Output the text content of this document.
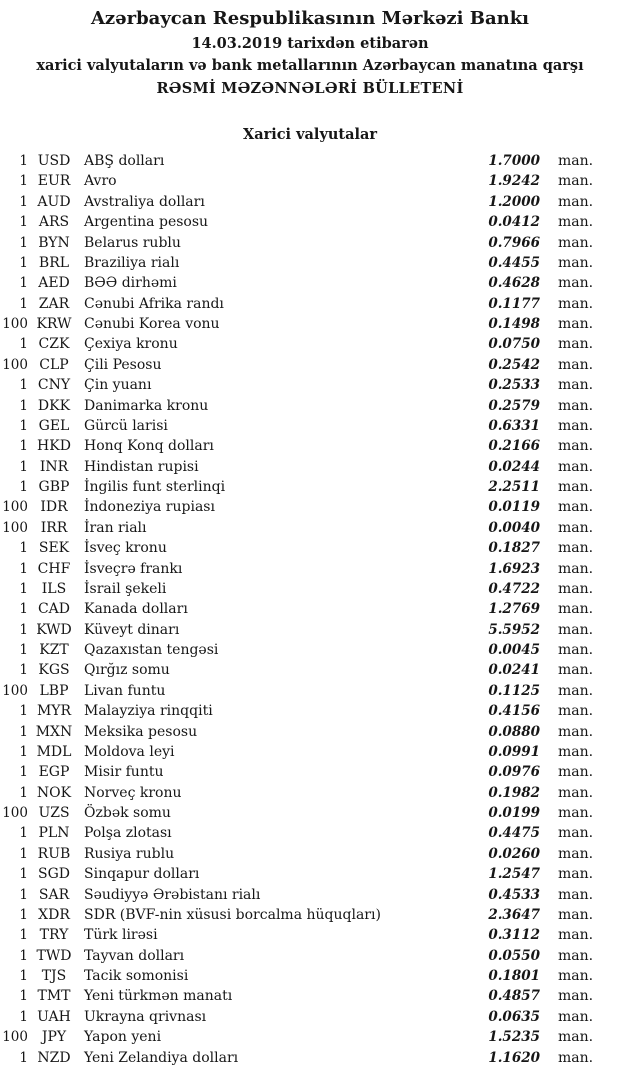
Azərbaycan Respublikasının Mərkəzi Bankı
14.03.2019 tarixdən etibarən
xarici valyutaların və bank metallarının Azərbaycan manatına qarşı
RƏSMİ MƏZƏNNƏLƏRİ BÜLLETENİ
Xarici valyutalar
1 USD ABŞ dolları	1.7000	man.
1 EUR Avro	1.9242	man.
1 AUD Avstraliya dolları	1.2000	man.
1 ARS	Argentina pesosu	0.0412	man.
1 BYN	Belarus rublu	0.7966	man.
1 BRL	Braziliya rialı	0.4455	man.
1 AED	BƏƏ dirhəmi	0.4628	man.
1 ZAR	Cənubi Afrika randı	0.1177	man.
100 KRW Cənubi Korea vonu	0.1498	man.
1 CZK	Çexiya kronu	0.0750	man.
100 CLP	Çili Pesosu	0.2542	man.
1 CNY Çin yuanı	0.2533	man.
1 DKK Danimarka kronu	0.2579	man.
1 GEL	Gürcü larisi	0.6331	man.
1 HKD Honq Konq dolları	0.2166	man.
1 INR	Hindistan rupisi	0.0244	man.
1 GBP	İngilis funt sterlinqi	2.2511	man.
100 IDR	İndoneziya rupiası	0.0119	man.
100 IRR	İran rialı	0.0040	man.
1 SEK	İsveç kronu	0.1827	man.
1 CHF İsveçrə frankı	1.6923	man.
1 ILS	İsrail şekeli	0.4722	man.
1 CAD Kanada dolları	1.2769	man.
1 KWD Küveyt dinarı	5.5952	man.
1 KZT	Qazaxıstan tengəsi	0.0045	man.
1 KGS	Qırğız somu	0.0241	man.
100 LBP	Livan funtu	0.1125	man.
1 MYR Malayziya rinqqiti	0.4156	man.
1 MXN Meksika pesosu	0.0880	man.
1 MDL Moldova leyi	0.0991	man.
1 EGP	Misir funtu	0.0976	man.
1 NOK Norveç kronu	0.1982	man.
100 UZS	Özbək somu	0.0199	man.
1 PLN	Polşa zlotası	0.4475	man.
1 RUB Rusiya rublu	0.0260	man.
1 SGD	Sinqapur dolları	1.2547	man.
1 SAR	Səudiyyə Ərəbistanı rialı	0.4533	man.
1 XDR	SDR (BVF-nin xüsusi borcalma hüquqları)	2.3647	man.
1 TRY	Türk lirəsi	0.3112	man.
1 TWD Tayvan dolları	0.0550	man.
1 TJS	Tacik somonisi	0.1801	man.
1 TMT Yeni türkmən manatı	0.4857	man.
1 UAH Ukrayna qrivnası	0.0635	man.
100 JPY	Yapon yeni	1.5235	man.
1 NZD Yeni Zelandiya dolları	1.1620	man.
